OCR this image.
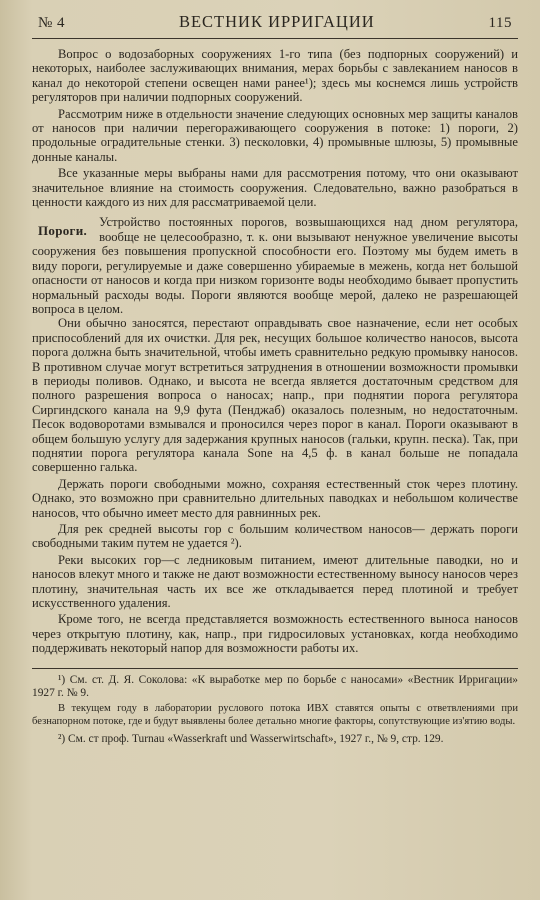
№ 4	ВЕСТНИК ИРРИГАЦИИ	115

Вопрос о водозаборных сооружениях 1-го типа (без подпорных сооружений) и некоторых, наиболее заслуживающих внимания, мерах борьбы с завлеканием наносов в канал до некоторой степени освещен нами ранее¹); здесь мы коснемся лишь устройств регуляторов при наличии подпорных сооружений.

Рассмотрим ниже в отдельности значение следующих основных мер защиты каналов от наносов при наличии перегораживающего сооружения в потоке: 1) пороги, 2) продольные оградительные стенки. 3) песколовки, 4) промывные шлюзы, 5) промывные донные каналы.

Все указанные меры выбраны нами для рассмотрения потому, что они оказывают значительное влияние на стоимость сооружения. Следовательно, важно разобраться в ценности каждого из них для рассматриваемой цели.

Пороги.

Устройство постоянных порогов, возвышающихся над дном регулятора, вообще не целесообразно, т. к. они вызывают ненужное увеличение высоты сооружения без повышения пропускной способности его. Поэтому мы будем иметь в виду пороги, регулируемые и даже совершенно убираемые в межень, когда нет большой опасности от наносов и когда при низком горизонте воды необходимо бывает пропустить нормальный расходы воды. Пороги являются вообще мерой, далеко не разрешающей вопроса в целом.

Они обычно заносятся, перестают оправдывать свое назначение, если нет особых приспособлений для их очистки. Для рек, несущих большое количество наносов, высота порога должна быть значительной, чтобы иметь сравнительно редкую промывку наносов. В противном случае могут встретиться затруднения в отношении возможности промывки в периоды поливов. Однако, и высота не всегда является достаточным средством для полного разрешения вопроса о наносах; напр., при поднятии порога регулятора Сиргиндского канала на 9,9 фута (Пенджаб) оказалось полезным, но недостаточным. Песок водоворотами взмывался и проносился через порог в канал. Пороги оказывают в общем большую услугу для задержания крупных наносов (гальки, крупн. песка). Так, при поднятии порога регулятора канала Sone на 4,5 ф. в канал больше не попадала совершенно галька.

Держать пороги свободными можно, сохраняя естественный сток через плотину. Однако, это возможно при сравнительно длительных паводках и небольшом количестве наносов, что обычно имеет место для равнинных рек.

Для рек средней высоты гор с большим количеством наносов— держать пороги свободными таким путем не удается ²).

Реки высоких гор—с ледниковым питанием, имеют длительные паводки, но и наносов влекут много и также не дают возможности естественному выносу наносов через плотину, значительная часть их все же откладывается перед плотиной и требует искусственного удаления.

Кроме того, не всегда представляется возможность естественного выноса наносов через открытую плотину, как, напр., при гидросиловых установках, когда необходимо поддерживать некоторый напор для возможности работы их.

¹) См. ст. Д. Я. Соколова: «К выработке мер по борьбе с наносами» «Вестник Ирригации» 1927 г. № 9.

В текущем году в лаборатории руслового потока ИВХ ставятся опыты с ответвлениями при безнапорном потоке, где и будут выявлены более детально многие факторы, сопутствующие из'ятию воды.

²) См. ст проф. Turnau «Wasserkraft und Wasserwirtschaft», 1927 г., № 9, стр. 129.
